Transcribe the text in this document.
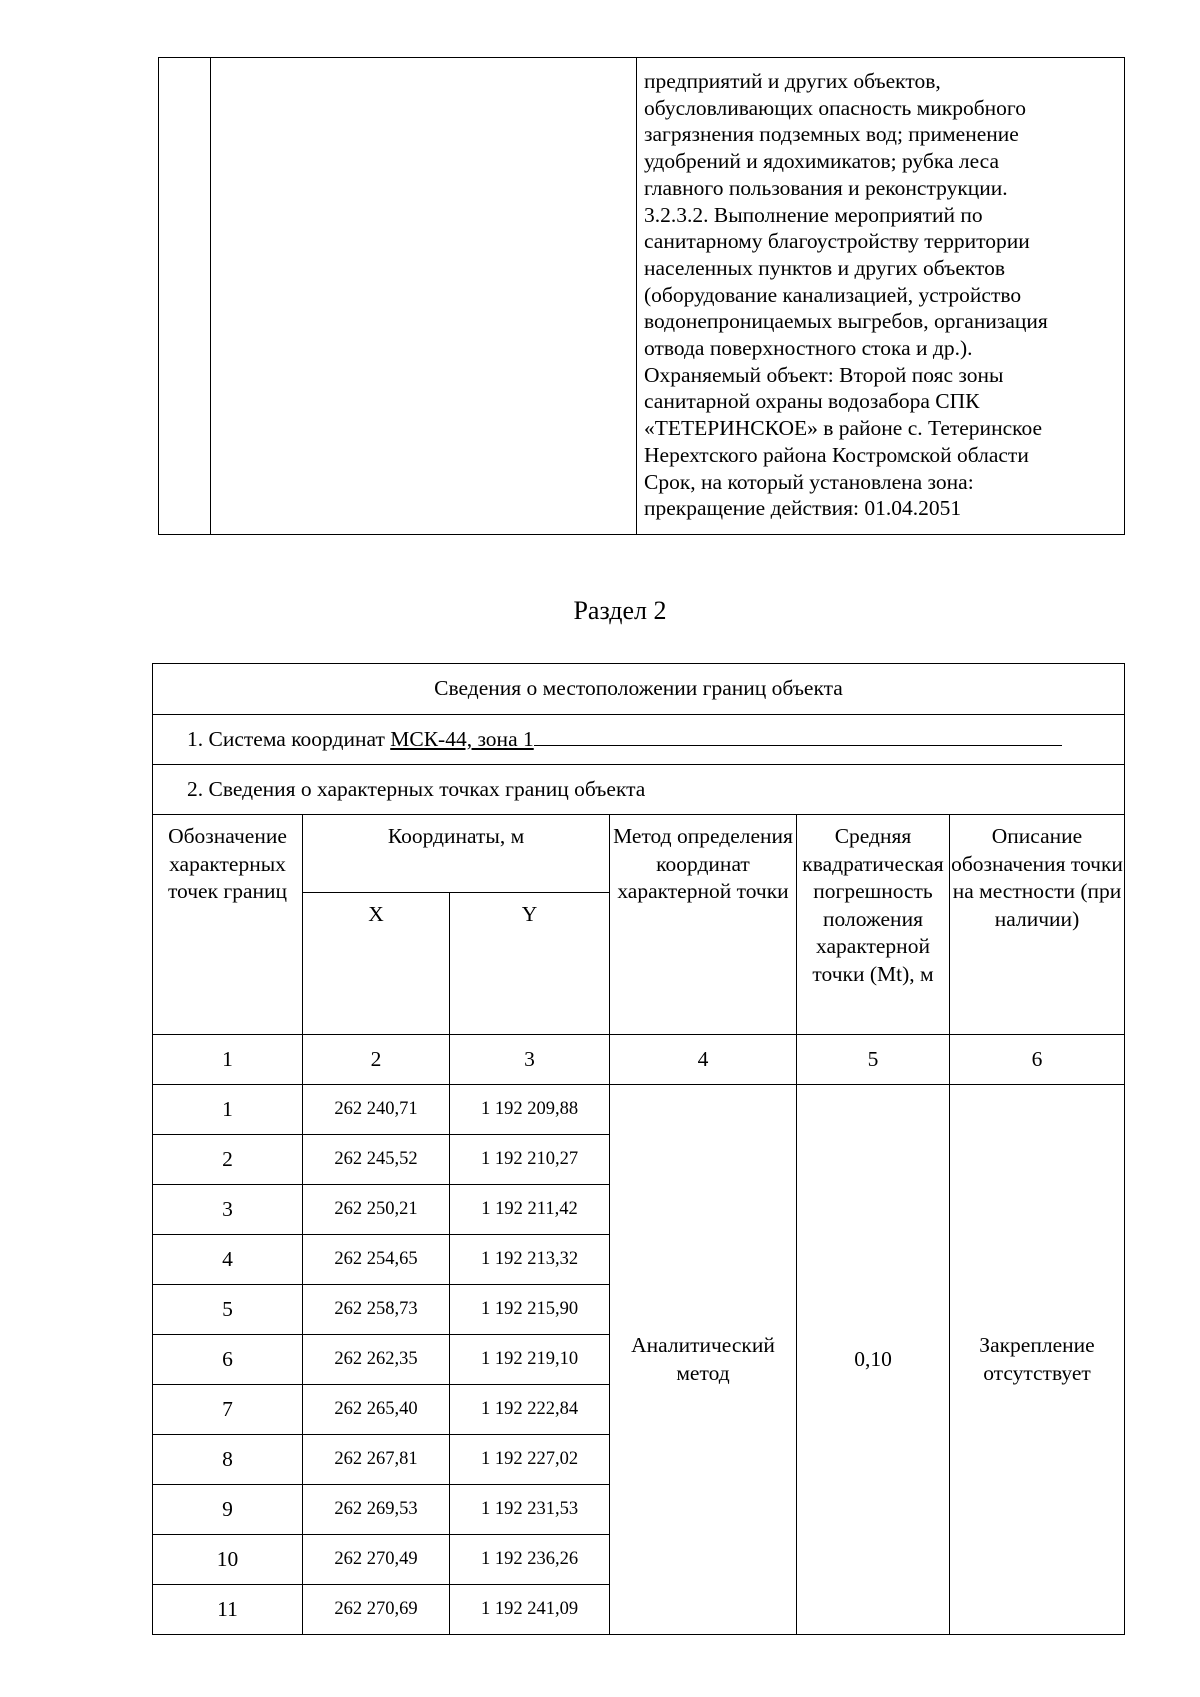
предприятий и других объектов,
обусловливающих опасность микробного
загрязнения подземных вод; применение
удобрений и ядохимикатов; рубка леса
главного пользования и реконструкции.
3.2.3.2. Выполнение мероприятий по
санитарному благоустройству территории
населенных пунктов и других объектов
(оборудование канализацией, устройство
водонепроницаемых выгребов, организация
отвода поверхностного стока и др.).
Охраняемый объект: Второй пояс зоны
санитарной охраны водозабора СПК
«ТЕТЕРИНСКОЕ» в районе с. Тетеринское
Нерехтского района Костромской области
Срок, на который установлена зона:
прекращение действия: 01.04.2051
Раздел 2
Сведения о местоположении границ объекта					
1. Система координат МСК-44, зона 1					
2. Сведения о характерных точках границ объекта					
Обозначение характерных точек границ	Координаты, м		Метод определения координат характерной точки	Средняя квадратическая погрешность положения характерной точки (Mt), м	Описание обозначения точки на местности (при наличии)
	X	Y			
1	2	3	4	5	6
1	262 240,71	1 192 209,88	Аналитический метод	0,10	Закрепление отсутствует
2	262 245,52	1 192 210,27			
3	262 250,21	1 192 211,42			
4	262 254,65	1 192 213,32			
5	262 258,73	1 192 215,90			
6	262 262,35	1 192 219,10			
7	262 265,40	1 192 222,84			
8	262 267,81	1 192 227,02			
9	262 269,53	1 192 231,53			
10	262 270,49	1 192 236,26			
11	262 270,69	1 192 241,09			
